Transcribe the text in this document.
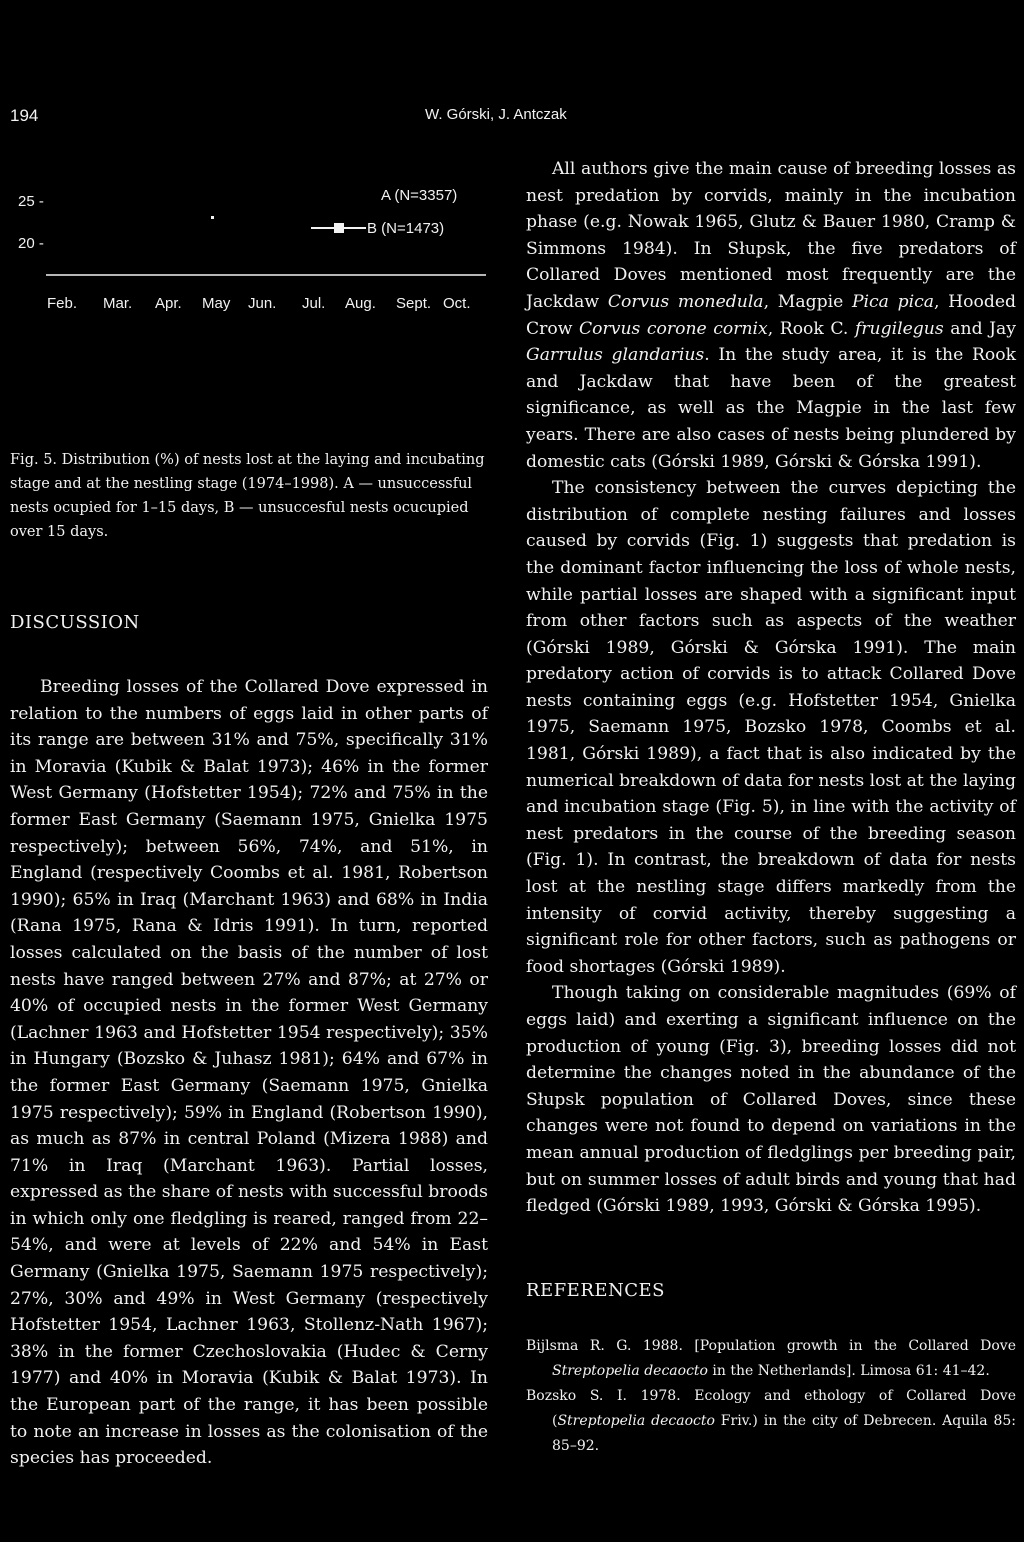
194	W. Górski, J. Antczak
25 -
20 -
A (N=3357)
B (N=1473)
Feb. Mar. Apr. May Jun. Jul. Aug. Sept. Oct.
Fig. 5. Distribution (%) of nests lost at the laying and incubating stage and at the nestling stage (1974–1998). A — unsuccessful nests ocupied for 1–15 days, B — unsuccesful nests ocucupied over 15 days.
DISCUSSION

Breeding losses of the Collared Dove expressed in relation to the numbers of eggs laid in other parts of its range are between 31% and 75%, specifically 31% in Moravia (Kubik & Balat 1973); 46% in the former West Germany (Hofstetter 1954); 72% and 75% in the former East Germany (Saemann 1975, Gnielka 1975 respectively); between 56%, 74%, and 51%, in England (respectively Coombs et al. 1981, Robertson 1990); 65% in Iraq (Marchant 1963) and 68% in India (Rana 1975, Rana & Idris 1991). In turn, reported losses calculated on the basis of the number of lost nests have ranged between 27% and 87%; at 27% or 40% of occupied nests in the former West Germany (Lachner 1963 and Hofstetter 1954 respectively); 35% in Hungary (Bozsko & Juhasz 1981); 64% and 67% in the former East Germany (Saemann 1975, Gnielka 1975 respectively); 59% in England (Robertson 1990), as much as 87% in central Poland (Mizera 1988) and 71% in Iraq (Marchant 1963). Partial losses, expressed as the share of nests with successful broods in which only one fledgling is reared, ranged from 22–54%, and were at levels of 22% and 54% in East Germany (Gnielka 1975, Saemann 1975 respectively); 27%, 30% and 49% in West Germany (respectively Hofstetter 1954, Lachner 1963, Stollenz-Nath 1967); 38% in the former Czechoslovakia (Hudec & Cerny 1977) and 40% in Moravia (Kubik & Balat 1973). In the European part of the range, it has been possible to note an increase in losses as the colonisation of the species has proceeded.

All authors give the main cause of breeding losses as nest predation by corvids, mainly in the incubation phase (e.g. Nowak 1965, Glutz & Bauer 1980, Cramp & Simmons 1984). In Słupsk, the five predators of Collared Doves mentioned most frequently are the Jackdaw Corvus monedula, Magpie Pica pica, Hooded Crow Corvus corone cornix, Rook C. frugilegus and Jay Garrulus glandarius. In the study area, it is the Rook and Jackdaw that have been of the greatest significance, as well as the Magpie in the last few years. There are also cases of nests being plundered by domestic cats (Górski 1989, Górski & Górska 1991).

The consistency between the curves depicting the distribution of complete nesting failures and losses caused by corvids (Fig. 1) suggests that predation is the dominant factor influencing the loss of whole nests, while partial losses are shaped with a significant input from other factors such as aspects of the weather (Górski 1989, Górski & Górska 1991). The main predatory action of corvids is to attack Collared Dove nests containing eggs (e.g. Hofstetter 1954, Gnielka 1975, Saemann 1975, Bozsko 1978, Coombs et al. 1981, Górski 1989), a fact that is also indicated by the numerical breakdown of data for nests lost at the laying and incubation stage (Fig. 5), in line with the activity of nest predators in the course of the breeding season (Fig. 1). In contrast, the breakdown of data for nests lost at the nestling stage differs markedly from the intensity of corvid activity, thereby suggesting a significant role for other factors, such as pathogens or food shortages (Górski 1989).

Though taking on considerable magnitudes (69% of eggs laid) and exerting a significant influence on the production of young (Fig. 3), breeding losses did not determine the changes noted in the abundance of the Słupsk population of Collared Doves, since these changes were not found to depend on variations in the mean annual production of fledglings per breeding pair, but on summer losses of adult birds and young that had fledged (Górski 1989, 1993, Górski & Górska 1995).

REFERENCES
Bijlsma R. G. 1988. [Population growth in the Collared Dove Streptopelia decaocto in the Netherlands]. Limosa 61: 41–42.
Bozsko S. I. 1978. Ecology and ethology of Collared Dove (Streptopelia decaocto Friv.) in the city of Debrecen. Aquila 85: 85–92.
